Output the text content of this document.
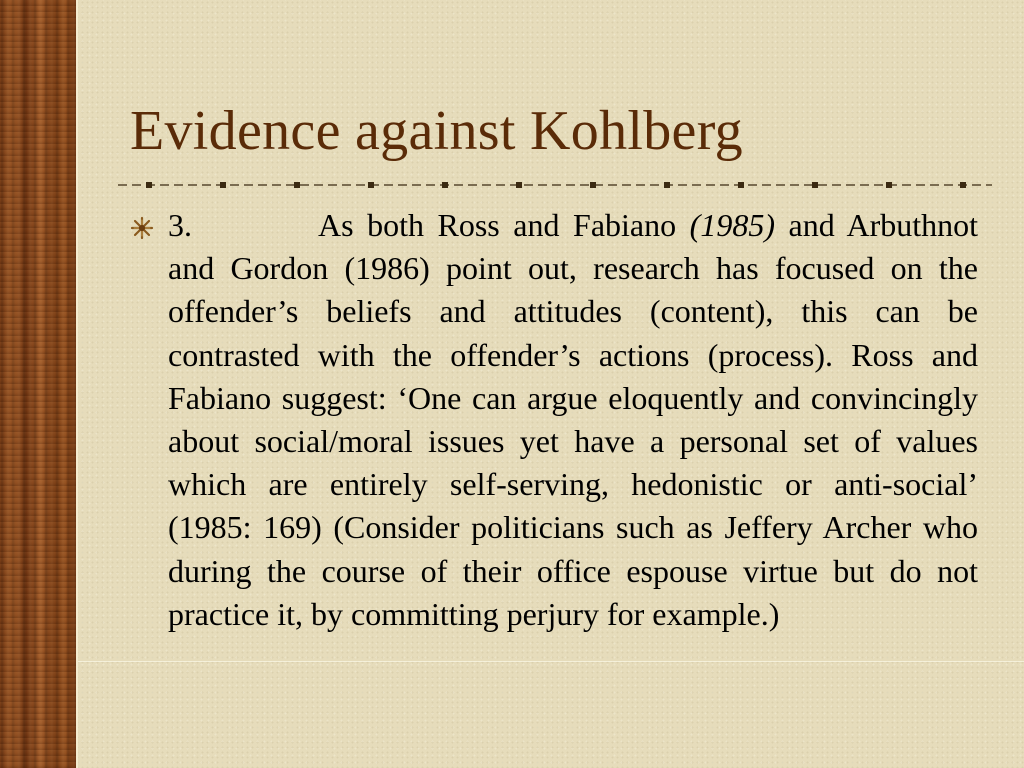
Evidence against Kohlberg

3.	As both Ross and Fabiano (1985) and Arbuthnot and Gordon (1986) point out, research has focused on the offender’s beliefs and attitudes (content), this can be contrasted with the offender’s actions (process). Ross and Fabiano suggest: ‘One can argue eloquently and convincingly about social/moral issues yet have a personal set of values which are entirely self-serving, hedonistic or anti-social’ (1985: 169) (Consider politicians such as Jeffery Archer who during the course of their office espouse virtue but do not practice it, by committing perjury for example.)
